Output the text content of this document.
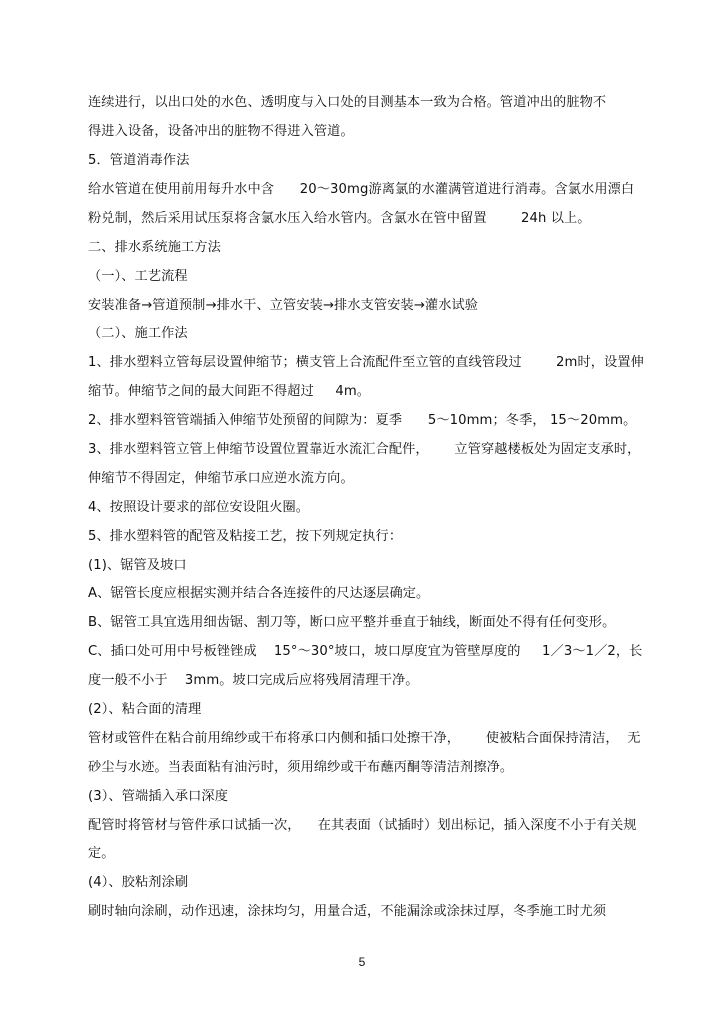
连续进行，以出口处的水色、透明度与入口处的目测基本一致为合格。管道冲出的脏物不
得进入设备，设备冲出的脏物不得进入管道。
5．管道消毒作法
给水管道在使用前用每升水中含      20～30mg游离氯的水灌满管道进行消毒。含氯水用漂白
粉兑制，然后采用试压泵将含氯水压入给水管内。含氯水在管中留置        24h 以上。
二、排水系统施工方法
（一）、工艺流程
安装准备→管道预制→排水干、立管安装→排水支管安装→灌水试验
（二）、施工作法
1、排水塑料立管每层设置伸缩节；横支管上合流配件至立管的直线管段过        2m时，设置伸
缩节。伸缩节之间的最大间距不得超过     4m。
2、排水塑料管管端插入伸缩节处预留的间隙为：夏季      5～10mm；冬季， 15～20mm。
3、排水塑料管立管上伸缩节设置位置靠近水流汇合配件，      立管穿越楼板处为固定支承时，
伸缩节不得固定，伸缩节承口应逆水流方向。
4、按照设计要求的部位安设阻火圈。
5、排水塑料管的配管及粘接工艺，按下列规定执行：
(1)、锯管及坡口
A、锯管长度应根据实测并结合各连接件的尺达逐层确定。
B、锯管工具宜选用细齿锯、割刀等，断口应平整并垂直于轴线，断面处不得有任何变形。
C、插口处可用中号板锉锉成    15°～30°坡口，坡口厚度宜为管壁厚度的     1／3～1／2，长
度一般不小于    3mm。坡口完成后应将残屑清理干净。
(2）、粘合面的清理
管材或管件在粘合前用绵纱或干布将承口内侧和插口处擦干净，      使被粘合面保持清洁，  无
砂尘与水迹。当表面粘有油污时，须用绵纱或干布蘸丙酮等清洁剂擦净。
(3）、管端插入承口深度
配管时将管材与管件承口试插一次，    在其表面（试插时）划出标记，插入深度不小于有关规
定。
(4）、胶粘剂涂刷
刷时轴向涂刷，动作迅速，涂抹均匀，用量合适，不能漏涂或涂抹过厚，冬季施工时尤须
5
